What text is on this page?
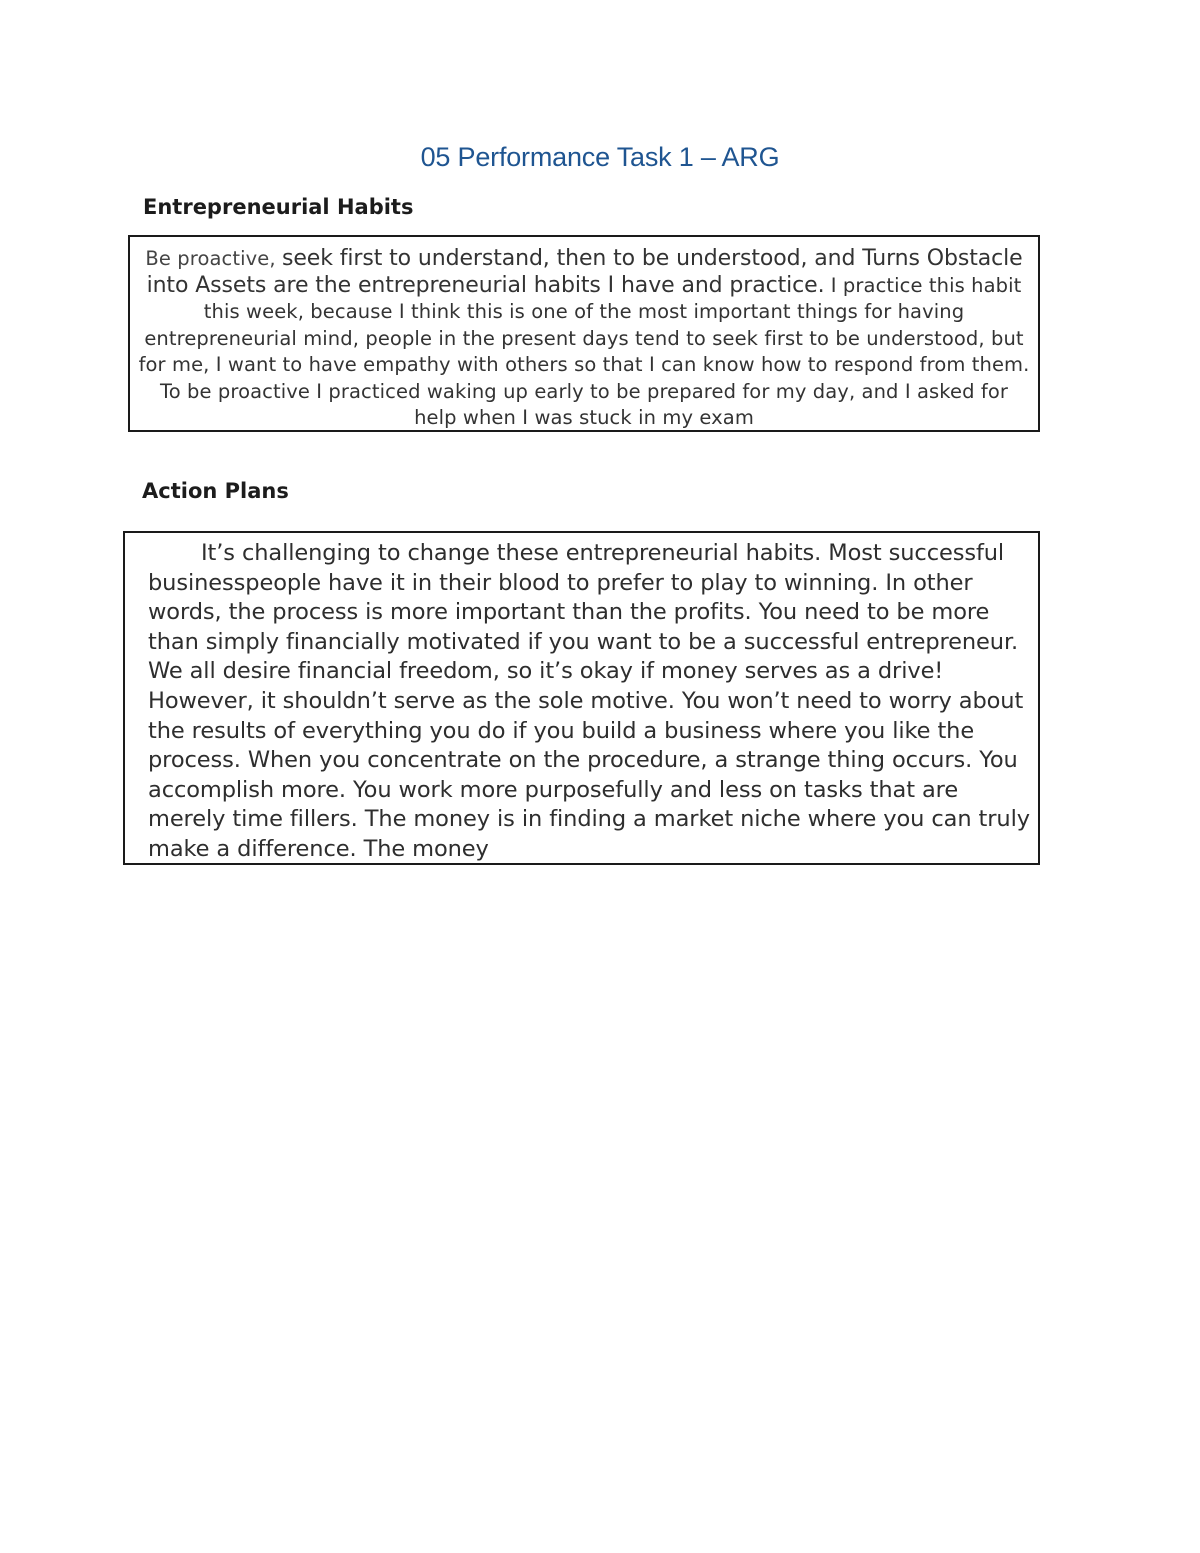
05 Performance Task 1 – ARG
Entrepreneurial Habits

Be proactive, seek first to understand, then to be understood, and Turns Obstacle into Assets are the entrepreneurial habits I have and practice. I practice this habit this week, because I think this is one of the most important things for having entrepreneurial mind, people in the present days tend to seek first to be understood, but for me, I want to have empathy with others so that I can know how to respond from them. To be proactive I practiced waking up early to be prepared for my day, and I asked for help when I was stuck in my exam

Action Plans

It’s challenging to change these entrepreneurial habits. Most successful businesspeople have it in their blood to prefer to play to winning. In other words, the process is more important than the profits. You need to be more than simply financially motivated if you want to be a successful entrepreneur. We all desire financial freedom, so it’s okay if money serves as a drive! However, it shouldn’t serve as the sole motive. You won’t need to worry about the results of everything you do if you build a business where you like the process. When you concentrate on the procedure, a strange thing occurs. You accomplish more. You work more purposefully and less on tasks that are merely time fillers. The money is in finding a market niche where you can truly make a difference. The money
